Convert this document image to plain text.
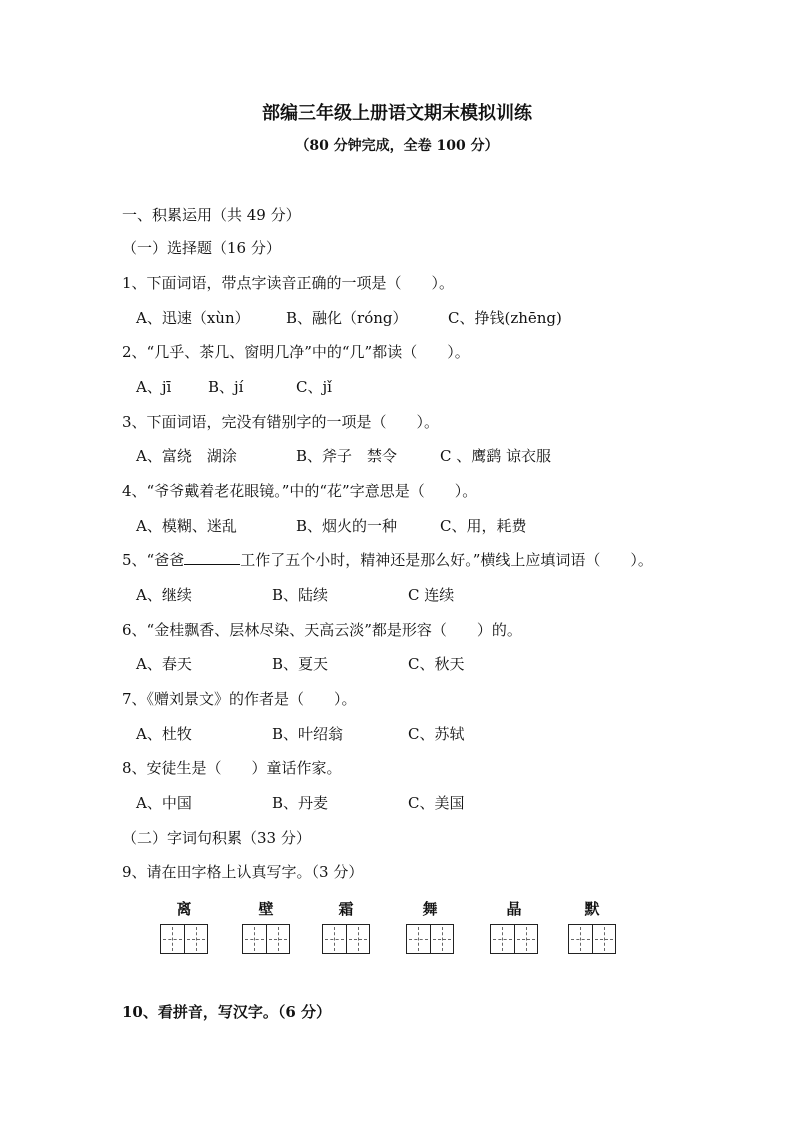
部编三年级上册语文期末模拟训练
（80 分钟完成，全卷 100 分）
一、积累运用（共 49 分）
（一）选择题（16 分）
1、下面词语，带点字读音正确的一项是（　　）。
A、迅速（xùn） B、融化（róng）	C、挣钱(zhēng)
2、“几乎、茶几、窗明几净”中的“几”都读（　　）。
A、jī B、jí	C、jǐ
3、下面词语，完没有错别字的一项是（　　）。
A、富绕　湖涂	B、斧子　禁令	C 、鹰鹞 谅衣服
4、“爷爷戴着老花眼镜。”中的“花”字意思是（　　）。
A、模糊、迷乱	B、烟火的一种	C、用，耗费
5、“爸爸	工作了五个小时，精神还是那么好。”横线上应填词语（　　）。
A、继续	B、陆续	C 连续
6、“金桂飘香、层林尽染、天高云淡”都是形容（　　）的。
A、春天	B、夏天	C、秋天
7、《赠刘景文》的作者是（　　）。
A、杜牧	B、叶绍翁	C、苏轼
8、安徒生是（　　）童话作家。
A、中国	B、丹麦	C、美国
（二）字词句积累（33 分）
9、请在田字格上认真写字。（3 分）
离	壁	霜	舞	晶	默
10、看拼音，写汉字。（6 分）
